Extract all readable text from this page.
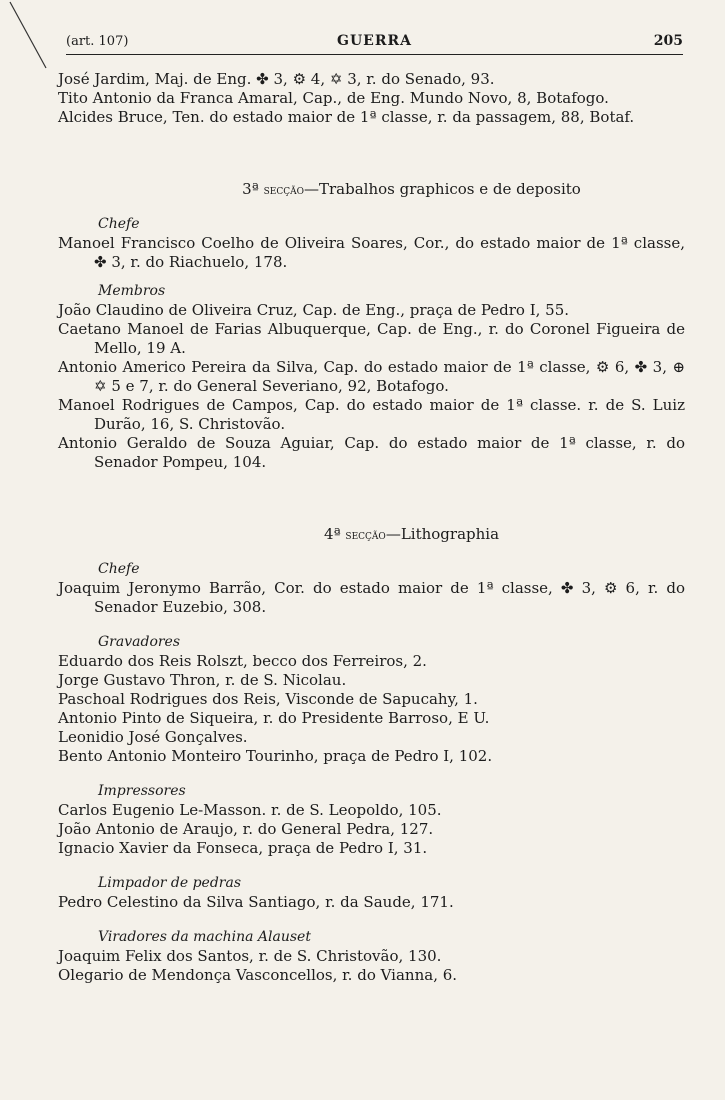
(art. 107)	GUERRA	205

José Jardim, Maj. de Eng. ✤ 3, ⚙ 4, ✡ 3, r. do Senado, 93.

Tito Antonio da Franca Amaral, Cap., de Eng. Mundo Novo, 8, Botafogo.

Alcides Bruce, Ten. do estado maior de 1ª classe, r. da passagem, 88, Botaf.

3ª secção—Trabalhos graphicos e de deposito
Chefe

Manoel Francisco Coelho de Oliveira Soares, Cor., do estado maior de 1ª classe, ✤ 3, r. do Riachuelo, 178.

Membros

João Claudino de Oliveira Cruz, Cap. de Eng., praça de Pedro I, 55.

Caetano Manoel de Farias Albuquerque, Cap. de Eng., r. do Coronel Figueira de Mello, 19 A.

Antonio Americo Pereira da Silva, Cap. do estado maior de 1ª classe, ⚙ 6, ✤ 3, ⊕ ✡ 5 e 7, r. do General Severiano, 92, Botafogo.

Manoel Rodrigues de Campos, Cap. do estado maior de 1ª classe. r. de S. Luiz Durão, 16, S. Christovão.

Antonio Geraldo de Souza Aguiar, Cap. do estado maior de 1ª classe, r. do Senador Pompeu, 104.

4ª secção—Lithographia
Chefe

Joaquim Jeronymo Barrão, Cor. do estado maior de 1ª classe, ✤ 3, ⚙ 6, r. do Senador Euzebio, 308.

Gravadores

Eduardo dos Reis Rolszt, becco dos Ferreiros, 2.

Jorge Gustavo Thron, r. de S. Nicolau.

Paschoal Rodrigues dos Reis, Visconde de Sapucahy, 1.

Antonio Pinto de Siqueira, r. do Presidente Barroso, E U.

Leonidio José Gonçalves.

Bento Antonio Monteiro Tourinho, praça de Pedro I, 102.

Impressores

Carlos Eugenio Le-Masson. r. de S. Leopoldo, 105.

João Antonio de Araujo, r. do General Pedra, 127.

Ignacio Xavier da Fonseca, praça de Pedro I, 31.

Limpador de pedras

Pedro Celestino da Silva Santiago, r. da Saude, 171.

Viradores da machina Alauset

Joaquim Felix dos Santos, r. de S. Christovão, 130.

Olegario de Mendonça Vasconcellos, r. do Vianna, 6.
